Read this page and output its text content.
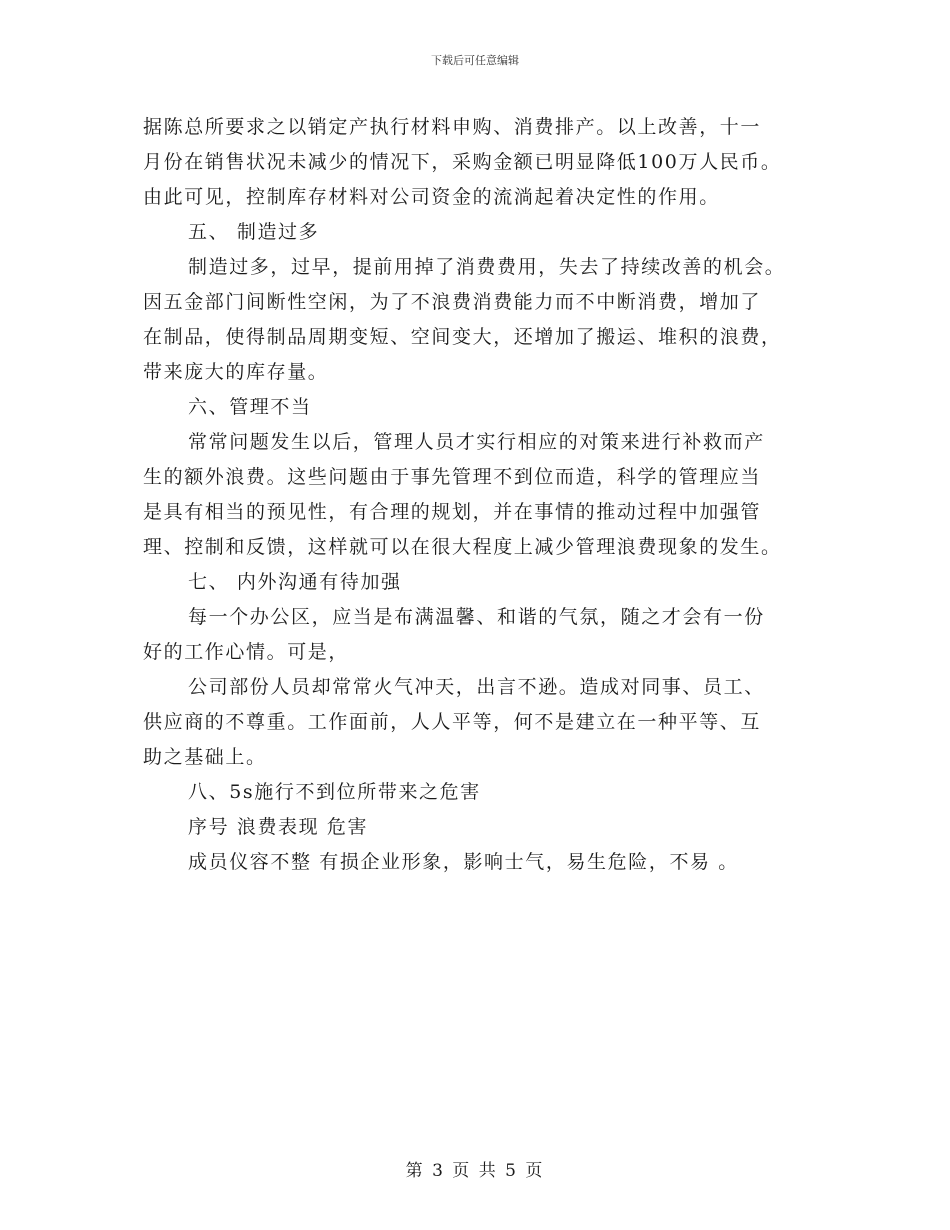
下载后可任意编辑
据陈总所要求之以销定产执行材料申购、消费排产。以上改善，十一
月份在销售状况未减少的情况下，采购金额已明显降低100万人民币。
由此可见，控制库存材料对公司资金的流淌起着决定性的作用。
五、 制造过多
制造过多，过早，提前用掉了消费费用，失去了持续改善的机会。
因五金部门间断性空闲，为了不浪费消费能力而不中断消费，增加了
在制品，使得制品周期变短、空间变大，还增加了搬运、堆积的浪费，
带来庞大的库存量。
六、管理不当
常常问题发生以后，管理人员才实行相应的对策来进行补救而产
生的额外浪费。这些问题由于事先管理不到位而造，科学的管理应当
是具有相当的预见性，有合理的规划，并在事情的推动过程中加强管
理、控制和反馈，这样就可以在很大程度上减少管理浪费现象的发生。
七、 内外沟通有待加强
每一个办公区，应当是布满温馨、和谐的气氛，随之才会有一份
好的工作心情。可是，
公司部份人员却常常火气冲天，出言不逊。造成对同事、员工、
供应商的不尊重。工作面前，人人平等，何不是建立在一种平等、互
助之基础上。
八、5s施行不到位所带来之危害
序号 浪费表现 危害
成员仪容不整 有损企业形象，影响士气，易生危险，不易 。
第 3 页 共 5 页
